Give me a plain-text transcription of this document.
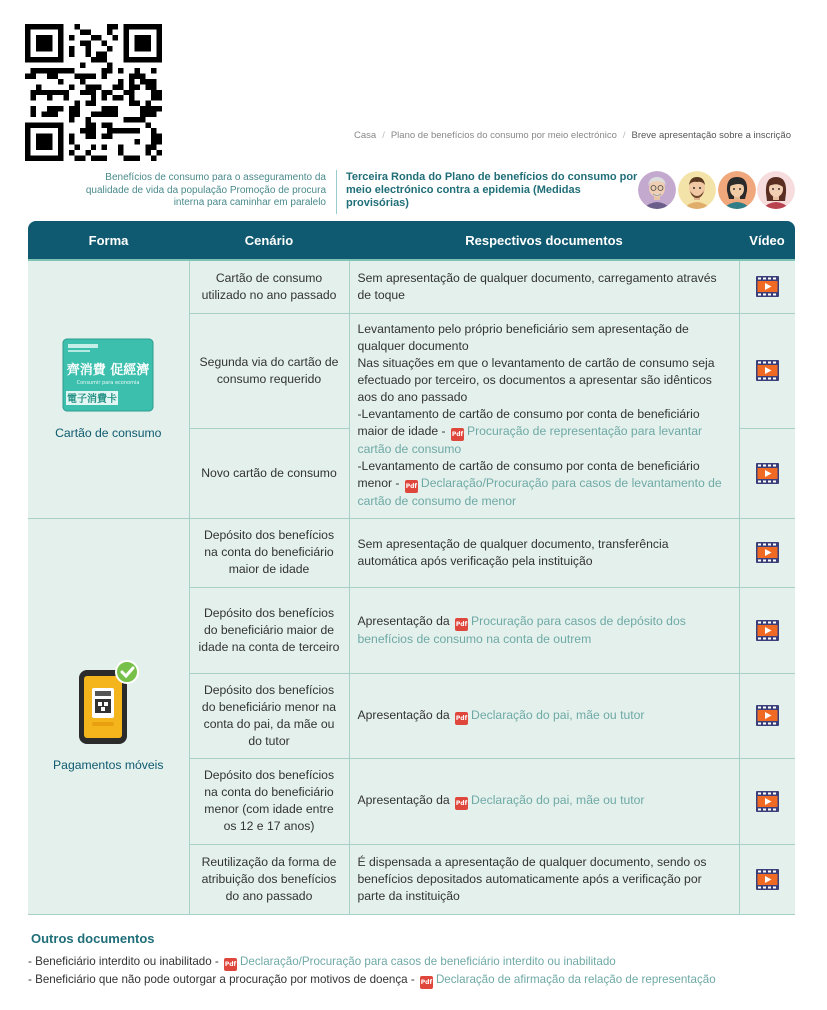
Casa / Plano de benefícios do consumo por meio electrónico / Breve apresentação sobre a inscrição
Benefícios de consumo para o asseguramento da qualidade de vida da população Promoção de procura interna para caminhar em paralelo
Terceira Ronda do Plano de benefícios do consumo por meio electrónico contra a epidemia (Medidas provisórias)
Forma	Cenário	Respectivos documentos	Vídeo

齊消費 促經濟
Consumir para economia
電子消費卡
Cartão de consumo	Cartão de consumo utilizado no ano passado	Sem apresentação de qualquer documento, carregamento através de toque	
	Segunda via do cartão de consumo requerido	Levantamento pelo próprio beneficiário sem apresentação de qualquer documento
Nas situações em que o levantamento de cartão de consumo seja efectuado por terceiro, os documentos a apresentar são idênticos aos do ano passado
-Levantamento de cartão de consumo por conta de beneficiário maior de idade - Pdf Procuração de representação para levantar cartão de consumo
-Levantamento de cartão de consumo por conta de beneficiário menor - Pdf Declaração/Procuração para casos de levantamento de cartão de consumo de menor	
	Novo cartão de consumo	

Pagamentos móveis	Depósito dos benefícios na conta do beneficiário maior de idade	Sem apresentação de qualquer documento, transferência automática após verificação pela instituição	
	Depósito dos benefícios do beneficiário maior de idade na conta de terceiro	Apresentação da Pdf Procuração para casos de depósito dos benefícios de consumo na conta de outrem	
	Depósito dos benefícios do beneficiário menor na conta do pai, da mãe ou do tutor	Apresentação da Pdf Declaração do pai, mãe ou tutor	
	Depósito dos benefícios na conta do beneficiário menor (com idade entre os 12 e 17 anos)	Apresentação da Pdf Declaração do pai, mãe ou tutor	
	Reutilização da forma de atribuição dos benefícios do ano passado	É dispensada a apresentação de qualquer documento, sendo os benefícios depositados automaticamente após a verificação por parte da instituição	
Outros documentos
- Beneficiário interdito ou inabilitado - Pdf Declaração/Procuração para casos de beneficiário interdito ou inabilitado
- Beneficiário que não pode outorgar a procuração por motivos de doença - Pdf Declaração de afirmação da relação de representação
